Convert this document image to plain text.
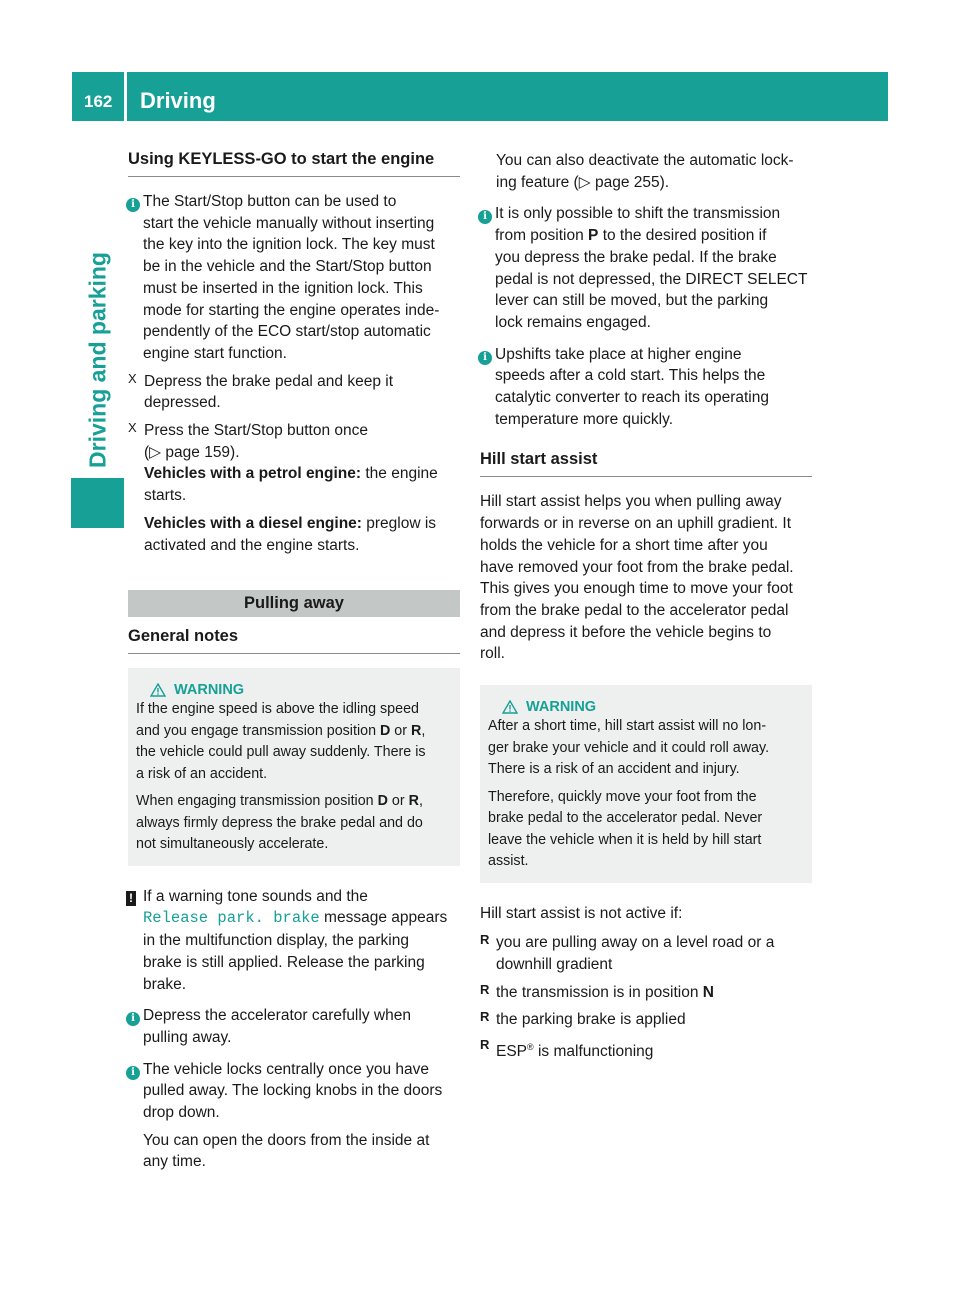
162 Driving
Driving and parking
Using KEYLESS-GO to start the engine
i The Start/Stop button can be used to

start the vehicle manually without inserting

the key into the ignition lock. The key must

be in the vehicle and the Start/Stop button

must be inserted in the ignition lock. This

mode for starting the engine operates inde-

pendently of the ECO start/stop automatic

engine start function.

X Depress the brake pedal and keep it

depressed.

X Press the Start/Stop button once

(▷ page 159).

Vehicles with a petrol engine: the engine

starts.

Vehicles with a diesel engine: preglow is

activated and the engine starts.

Pulling away
General notes
WARNING

If the engine speed is above the idling speed

and you engage transmission position D or R,

the vehicle could pull away suddenly. There is

a risk of an accident.

When engaging transmission position D or R,

always firmly depress the brake pedal and do

not simultaneously accelerate.

! If a warning tone sounds and the

Release park. brake message appears

in the multifunction display, the parking

brake is still applied. Release the parking

brake.

i Depress the accelerator carefully when

pulling away.

i The vehicle locks centrally once you have

pulled away. The locking knobs in the doors

drop down.

You can open the doors from the inside at

any time.

You can also deactivate the automatic lock-

ing feature (▷ page 255).

i It is only possible to shift the transmission

from position P to the desired position if

you depress the brake pedal. If the brake

pedal is not depressed, the DIRECT SELECT

lever can still be moved, but the parking

lock remains engaged.

i Upshifts take place at higher engine

speeds after a cold start. This helps the

catalytic converter to reach its operating

temperature more quickly.

Hill start assist

Hill start assist helps you when pulling away

forwards or in reverse on an uphill gradient. It

holds the vehicle for a short time after you

have removed your foot from the brake pedal.

This gives you enough time to move your foot

from the brake pedal to the accelerator pedal

and depress it before the vehicle begins to

roll.

WARNING

After a short time, hill start assist will no lon-

ger brake your vehicle and it could roll away.

There is a risk of an accident and injury.

Therefore, quickly move your foot from the

brake pedal to the accelerator pedal. Never

leave the vehicle when it is held by hill start

assist.

Hill start assist is not active if:

R you are pulling away on a level road or a

downhill gradient

R the transmission is in position N

R the parking brake is applied

R ESP® is malfunctioning
